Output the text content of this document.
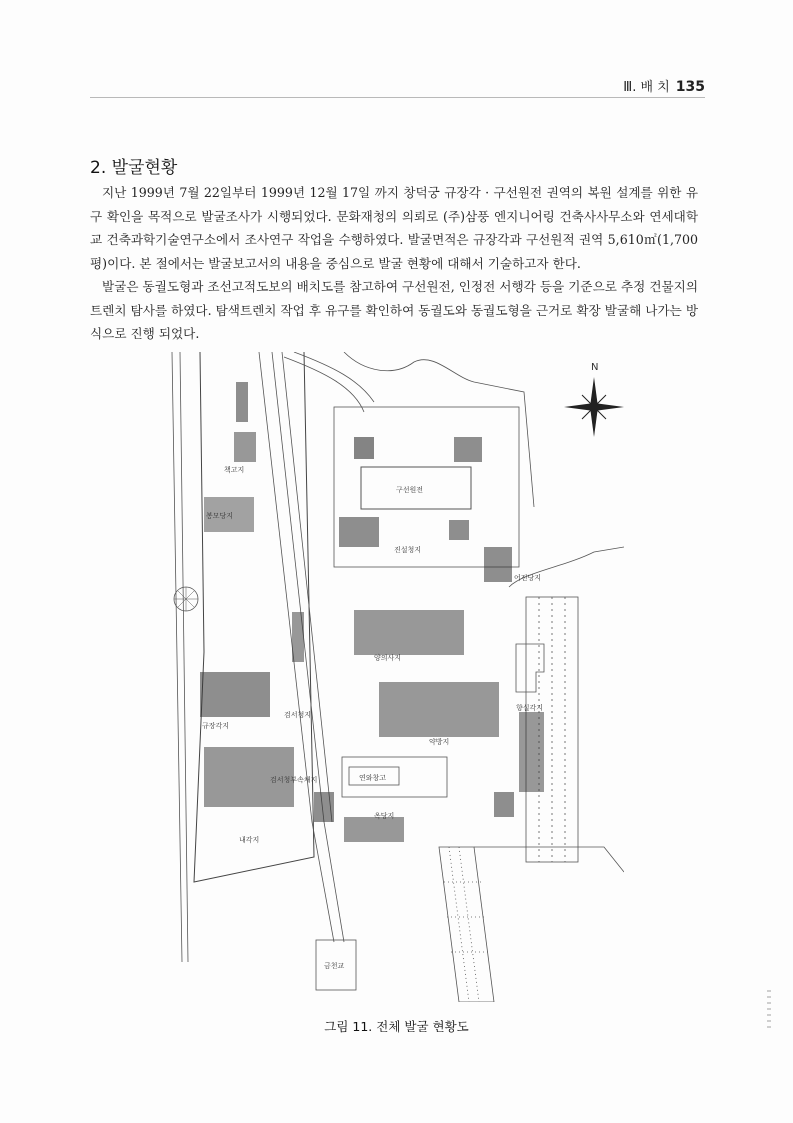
Ⅲ. 배 치 135
2. 발굴현황

지난 1999년 7월 22일부터 1999년 12월 17일 까지 창덕궁 규장각 · 구선원전 권역의 복원 설계를 위한 유구 확인을 목적으로 발굴조사가 시행되었다. 문화재청의 의뢰로 (주)삼풍 엔지니어링 건축사사무소와 연세대학교 건축과학기술연구소에서 조사연구 작업을 수행하였다. 발굴면적은 규장각과 구선원적 권역 5,610㎡(1,700평)이다. 본 절에서는 발굴보고서의 내용을 중심으로 발굴 현황에 대해서 기술하고자 한다.

발굴은 동궐도형과 조선고적도보의 배치도를 참고하여 구선원전, 인정전 서행각 등을 기준으로 추정 건물지의 트렌치 탐사를 하였다. 탐색트렌치 작업 후 유구를 확인하여 동궐도와 동궐도형을 근거로 확장 발굴해 나가는 방식으로 진행 되었다.

N
책고지
봉모당지
구선원전
진설청지
어전당지
양의사지
규장각지
검서청지
약방지
향실각지
검서청부속채지	연와창고
옥당지
내각지
금천교
그림 11. 전체 발굴 현황도
